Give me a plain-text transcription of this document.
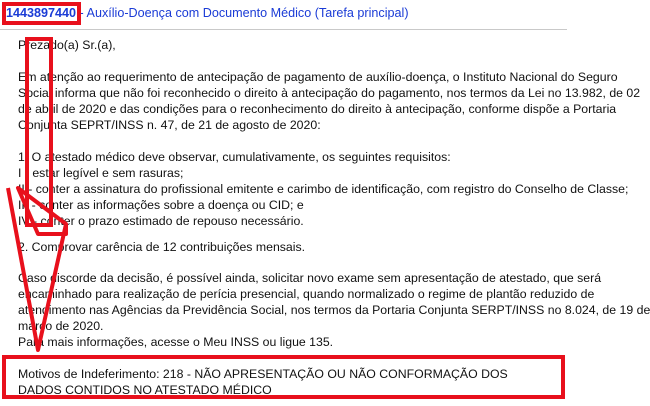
1443897440 - Auxílio-Doença com Documento Médico (Tarefa principal)
Prezado(a) Sr.(a),
Em atenção ao requerimento de antecipação de pagamento de auxílio-doença, o Instituto Nacional do Seguro
Social informa que não foi reconhecido o direito à antecipação do pagamento, nos termos da Lei no 13.982, de 02
de abril de 2020 e das condições para o reconhecimento do direito à antecipação, conforme dispõe a Portaria
Conjunta SEPRT/INSS n. 47, de 21 de agosto de 2020:
1. O atestado médico deve observar, cumulativamente, os seguintes requisitos:
I - estar legível e sem rasuras;
II - conter a assinatura do profissional emitente e carimbo de identificação, com registro do Conselho de Classe;
III - conter as informações sobre a doença ou CID; e
IV - conter o prazo estimado de repouso necessário.
2. Comprovar carência de 12 contribuições mensais.
Caso discorde da decisão, é possível ainda, solicitar novo exame sem apresentação de atestado, que será
encaminhado para realização de perícia presencial, quando normalizado o regime de plantão reduzido de
atendimento nas Agências da Previdência Social, nos termos da Portaria Conjunta SERPT/INSS no 8.024, de 19 de
março de 2020.
Para mais informações, acesse o Meu INSS ou ligue 135.
Motivos de Indeferimento: 218 - NÃO APRESENTAÇÃO OU NÃO CONFORMAÇÃO DOS DADOS CONTIDOS NO ATESTADO MÉDICO
